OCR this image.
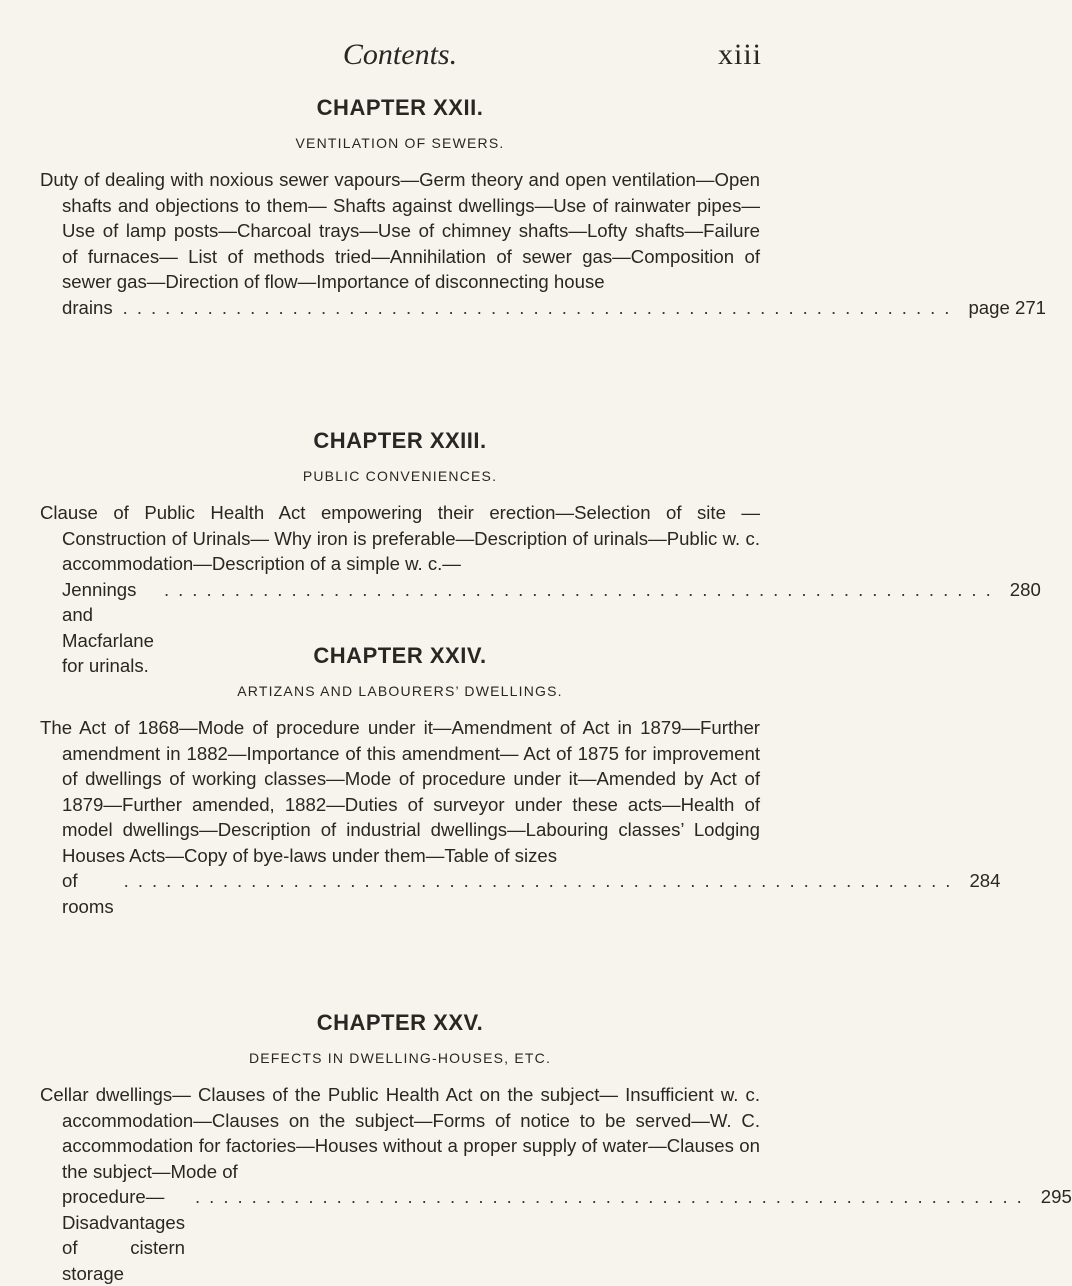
Contents.	xiii
CHAPTER XXII.
VENTILATION OF SEWERS.
Duty of dealing with noxious sewer vapours—Germ theory and open ventilation—Open shafts and objections to them— Shafts against dwellings—Use of rainwater pipes—Use of lamp posts—Charcoal trays—Use of chimney shafts—Lofty shafts—Failure of furnaces— List of methods tried—Annihilation of sewer gas—Composition of sewer gas—Direction of flow—Importance of disconnecting house
drains ........................................................... page 271
CHAPTER XXIII.
PUBLIC CONVENIENCES.
Clause of Public Health Act empowering their erection—Selection of site —Construction of Urinals— Why iron is preferable—Description of urinals—Public w. c. accommodation—Description of a simple w. c.—
Jennings and Macfarlane for urinals.
........................................................... 280
CHAPTER XXIV.
ARTIZANS AND LABOURERS’ DWELLINGS.
The Act of 1868—Mode of procedure under it—Amendment of Act in 1879—Further amendment in 1882—Importance of this amendment— Act of 1875 for improvement of dwellings of working classes—Mode of procedure under it—Amended by Act of 1879—Further amended, 1882—Duties of surveyor under these acts—Health of model dwellings—Description of industrial dwellings—Labouring classes’ Lodging Houses Acts—Copy of bye-laws under them—Table of sizes
of rooms
........................................................... 284
CHAPTER XXV.
DEFECTS IN DWELLING-HOUSES, ETC.
Cellar dwellings— Clauses of the Public Health Act on the subject— Insufficient w. c. accommodation—Clauses on the subject—Forms of notice to be served—W. C. accommodation for factories—Houses without a proper supply of water—Clauses on the subject—Mode of
procedure—Disadvantages of cistern storage
........................................................... 295
